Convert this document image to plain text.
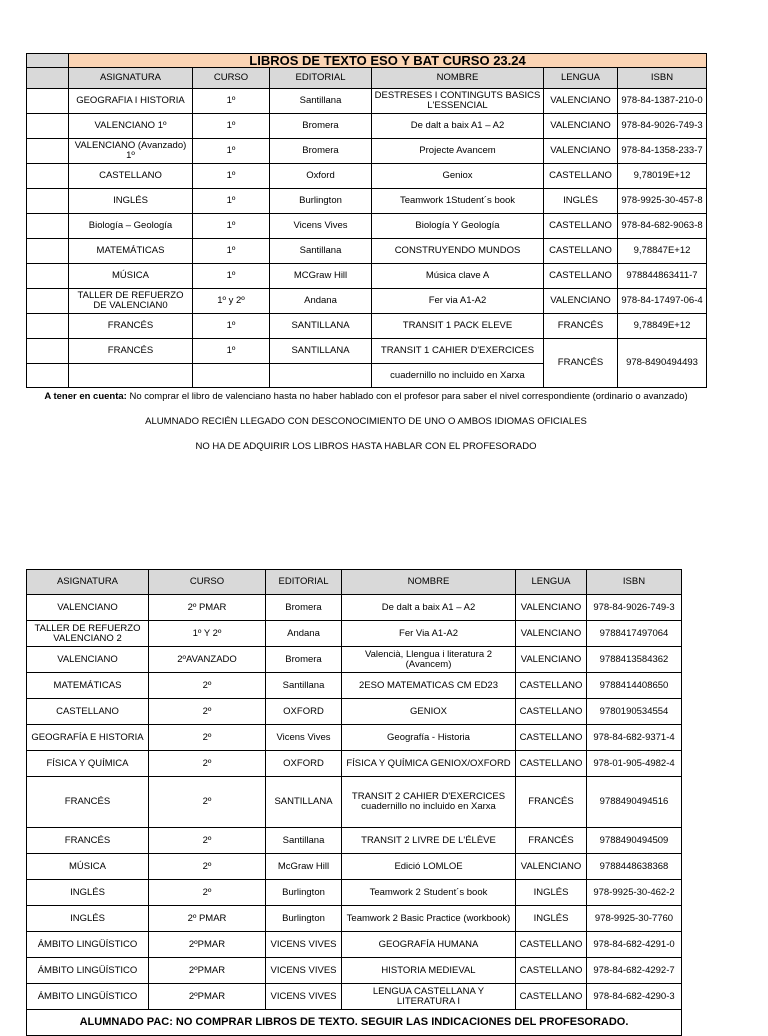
	LIBROS DE TEXTO ESO Y BAT CURSO 23.24					
	ASIGNATURA	CURSO	EDITORIAL	NOMBRE	LENGUA	ISBN
	GEOGRAFIA I HISTORIA	1º	Santillana	DESTRESES I CONTINGUTS BASICS L'ESSENCIAL	VALENCIANO	978-84-1387-210-0
	VALENCIANO 1º	1º	Bromera	De dalt a baix A1 – A2	VALENCIANO	978-84-9026-749-3
	VALENCIANO (Avanzado) 1º	1º	Bromera	Projecte Avancem	VALENCIANO	978-84-1358-233-7
	CASTELLANO	1º	Oxford	Geniox	CASTELLANO	9,78019E+12
	INGLÉS	1º	Burlington	Teamwork 1Student´s book	INGLÉS	978-9925-30-457-8
	Biología – Geología	1º	Vicens Vives	Biología Y Geología	CASTELLANO	978-84-682-9063-8
	MATEMÁTICAS	1º	Santillana	CONSTRUYENDO MUNDOS	CASTELLANO	9,78847E+12
	MÚSICA	1º	MCGraw Hill	Música clave A	CASTELLANO	978844863411-7
	TALLER DE REFUERZO DE VALENCIAN0	1º y 2º	Andana	Fer via A1-A2	VALENCIANO	978-84-17497-06-4
	FRANCÉS	1º	SANTILLANA	TRANSIT 1 PACK ELEVE	FRANCÉS	9,78849E+12
	FRANCÉS	1º	SANTILLANA	TRANSIT 1 CAHIER D'EXERCICES	FRANCÉS	978-8490494493
				cuadernillo no incluido en Xarxa		
A tener en cuenta: No comprar el libro de valenciano hasta no haber hablado con el profesor para saber el nivel correspondiente (ordinario o avanzado)
ALUMNADO RECIÉN LLEGADO CON DESCONOCIMIENTO DE UNO O AMBOS IDIOMAS OFICIALES
NO HA DE ADQUIRIR LOS LIBROS HASTA HABLAR CON EL PROFESORADO
ASIGNATURA	CURSO	EDITORIAL	NOMBRE	LENGUA	ISBN
VALENCIANO	2º PMAR	Bromera	De dalt a baix A1 – A2	VALENCIANO	978-84-9026-749-3
TALLER DE REFUERZO VALENCIANO 2	1º Y 2º	Andana	Fer Via A1-A2	VALENCIANO	9788417497064
VALENCIANO	2ºAVANZADO	Bromera	Valencià, Llengua i literatura 2 (Avancem)	VALENCIANO	9788413584362
MATEMÁTICAS	2º	Santillana	2ESO MATEMATICAS CM ED23	CASTELLANO	9788414408650
CASTELLANO	2º	OXFORD	GENIOX	CASTELLANO	9780190534554
GEOGRAFÍA E HISTORIA	2º	Vicens Vives	Geografía - Historia	CASTELLANO	978-84-682-9371-4
FÍSICA Y QUÍMICA	2º	OXFORD	FÍSICA Y QUÍMICA GENIOX/OXFORD	CASTELLANO	978-01-905-4982-4
FRANCÉS	2º	SANTILLANA	TRANSIT 2 CAHIER D'EXERCICES cuadernillo no incluido en Xarxa	FRANCÉS	9788490494516
FRANCÉS	2º	Santillana	TRANSIT 2 LIVRE DE L'ÉLÈVE	FRANCÉS	9788490494509
MÚSICA	2º	McGraw Hill	Edició LOMLOE	VALENCIANO	9788448638368
INGLÉS	2º	Burlington	Teamwork 2 Student´s book	INGLÉS	978-9925-30-462-2
INGLÉS	2º PMAR	Burlington	Teamwork 2 Basic Practice (workbook)	INGLÉS	978-9925-30-7760
ÁMBITO LINGÜÍSTICO	2ºPMAR	VICENS VIVES	GEOGRAFÍA HUMANA	CASTELLANO	978-84-682-4291-0
ÁMBITO LINGÜÍSTICO	2ºPMAR	VICENS VIVES	HISTORIA MEDIEVAL	CASTELLANO	978-84-682-4292-7
ÁMBITO LINGÜÍSTICO	2ºPMAR	VICENS VIVES	LENGUA CASTELLANA Y LITERATURA I	CASTELLANO	978-84-682-4290-3
ALUMNADO PAC: NO COMPRAR LIBROS DE TEXTO. SEGUIR LAS INDICACIONES DEL PROFESORADO.					
